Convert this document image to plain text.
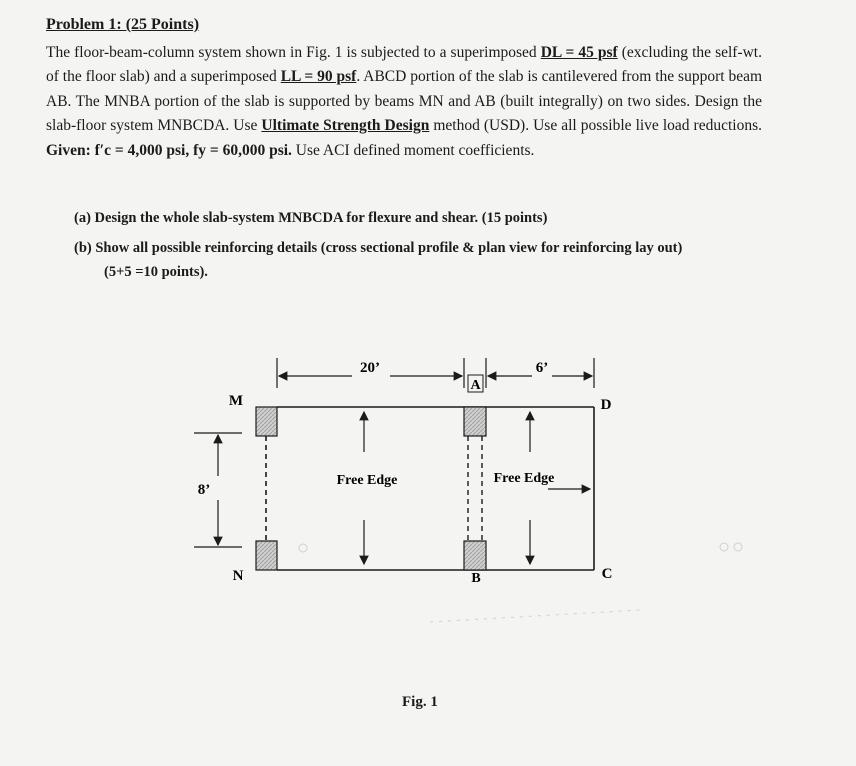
Problem 1: (25 Points)
The floor-beam-column system shown in Fig. 1 is subjected to a superimposed DL = 45 psf (excluding the self-wt. of the floor slab) and a superimposed LL = 90 psf. ABCD portion of the slab is cantilevered from the support beam AB. The MNBA portion of the slab is supported by beams MN and AB (built integrally) on two sides. Design the slab-floor system MNBCDA. Use Ultimate Strength Design method (USD). Use all possible live load reductions. Given: f′c = 4,000 psi, fy = 60,000 psi. Use ACI defined moment coefficients.
(a) Design the whole slab-system MNBCDA for flexure and shear. (15 points)
(b) Show all possible reinforcing details (cross sectional profile & plan view for reinforcing lay out)
(5+5 =10 points).
20’	6’
M
N
A
B	C
D
8’
Free Edge	Free Edge
Fig. 1
